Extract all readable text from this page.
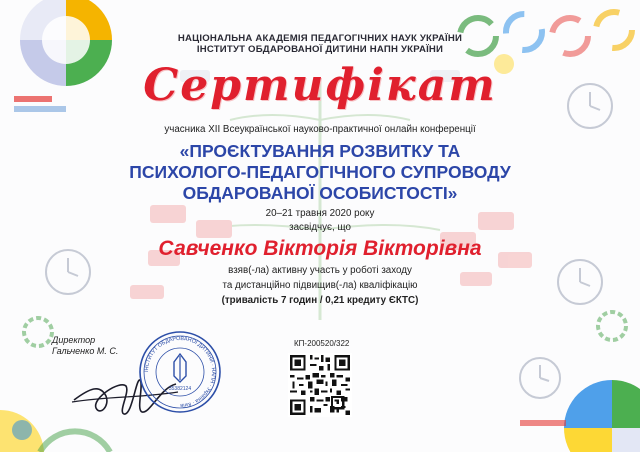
НАЦІОНАЛЬНА АКАДЕМІЯ ПЕДАГОГІЧНИХ НАУК УКРАЇНИ
ІНСТИТУТ ОБДАРОВАНОЇ ДИТИНИ НАПН УКРАЇНИ
Сертифікат
учасника XII Всеукраїнської науково-практичної онлайн конференції
«ПРОЄКТУВАННЯ РОЗВИТКУ ТА
ПСИХОЛОГО-ПЕДАГОГІЧНОГО СУПРОВОДУ
ОБДАРОВАНОЇ ОСОБИСТОСТІ»
20–21 травня 2020 року
засвідчує, що
Савченко Вікторія Вікторівна
взяв(-ла) активну участь у роботі заходу
та дистанційно підвищив(-ла) кваліфікацію
(тривалість 7 годин / 0,21 кредиту ЄКТС)
Директор
Гальченко М. С.
ІНСТИТУТ ОБДАРОВАНОЇ ДИТИНИ · НАПН · Україна · Київ
35382124
КП-200520/322
